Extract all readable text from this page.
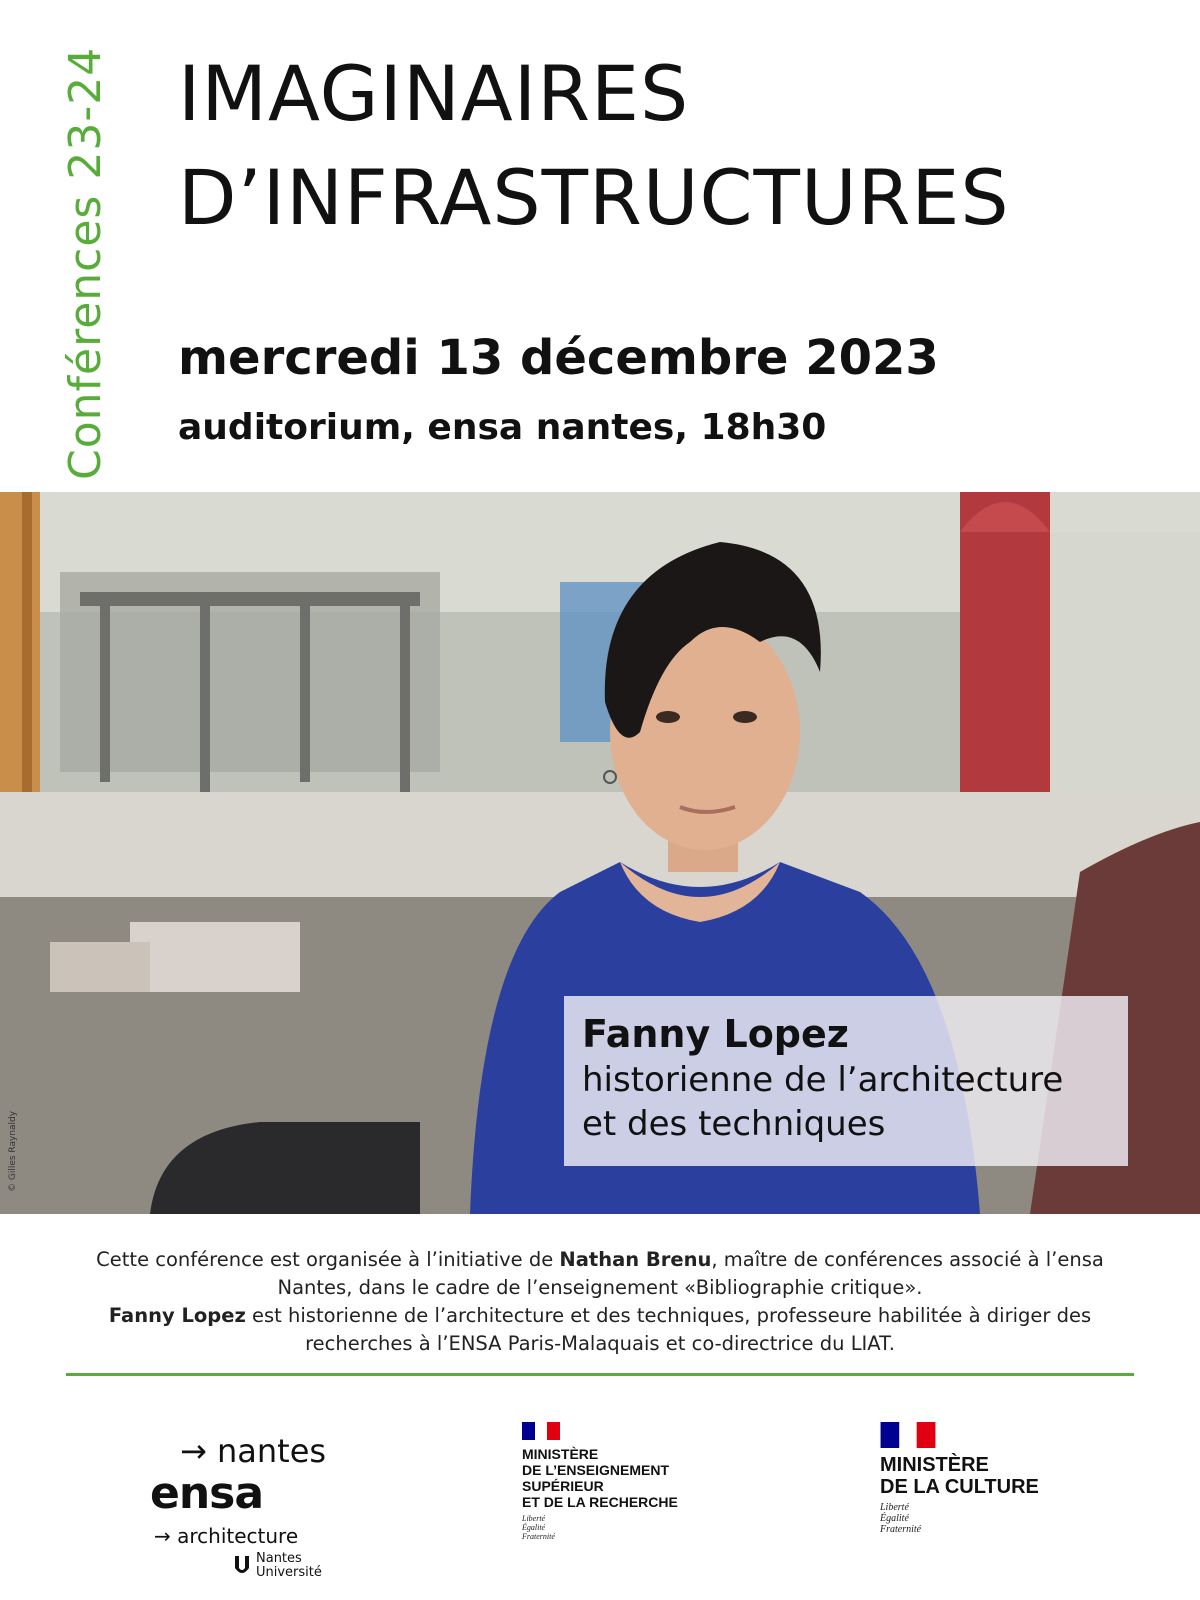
Conférences 23-24 IMAGINAIRES
D’INFRASTRUCTURES
mercredi 13 décembre 2023
auditorium, ensa nantes, 18h30
© Gilles Raynaldy
Fanny Lopez
historienne de l’architecture
et des techniques
Cette conférence est organisée à l’initiative de Nathan Brenu, maître de conférences associé à l’ensa Nantes, dans le cadre de l’enseignement «Bibliographie critique».
Fanny Lopez est historienne de l’architecture et des techniques, professeure habilitée à diriger des recherches à l’ENSA Paris-Malaquais et co-directrice du LIAT.
→ nantes
ensa
→ architecture
Nantes
Université
MINISTÈRE
DE L’ENSEIGNEMENT
SUPÉRIEUR
ET DE LA RECHERCHE
Liberté
Égalité
Fraternité
MINISTÈRE
DE LA CULTURE
Liberté
Égalité
Fraternité
